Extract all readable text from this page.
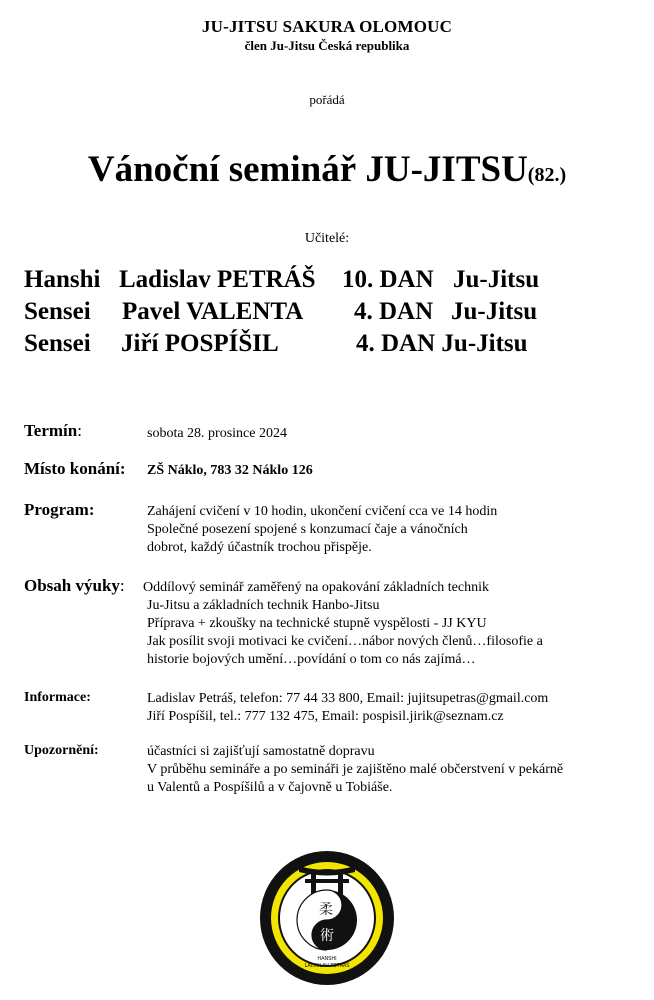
JU-JITSU SAKURA OLOMOUC
člen Ju-Jitsu Česká republika
pořádá
Vánoční seminář JU-JITSU(82.)
Učitelé:
Hanshi Ladislav PETRÁŠ 10. DAN Ju-Jitsu
Sensei Pavel VALENTA 4. DAN Ju-Jitsu
Sensei Jiří POSPÍŠIL	4. DAN Ju-Jitsu
Termín:	sobota 28. prosince 2024
Místo konání: ZŠ Náklo, 783 32 Náklo 126
Program:	Zahájení cvičení v 10 hodin, ukončení cvičení cca ve 14 hodin
Společné posezení spojené s konzumací čaje a vánočních
dobrot, každý účastník trochou přispěje.
Obsah výuky: Oddílový seminář zaměřený na opakování základních technik
Ju-Jitsu a základních technik Hanbo-Jitsu
Příprava + zkoušky na technické stupně vyspělosti - JJ KYU
Jak posílit svoji motivaci ke cvičení…nábor nových členů…filosofie a
historie bojových umění…povídání o tom co nás zajímá…
Informace:	Ladislav Petráš, telefon: 77 44 33 800, Email: jujitsupetras@gmail.com
Jiří Pospíšil, tel.: 777 132 475, Email: pospisil.jirik@seznam.cz
Upozornění:	účastníci si zajišťují samostatně dopravu
V průběhu semináře a po semináři je zajištěno malé občerstvení v pekárně
u Valentů a Pospíšilů a v čajovně u Tobiáše.
柔
術
HANSHI
LADISLAV PETRÁŠ
